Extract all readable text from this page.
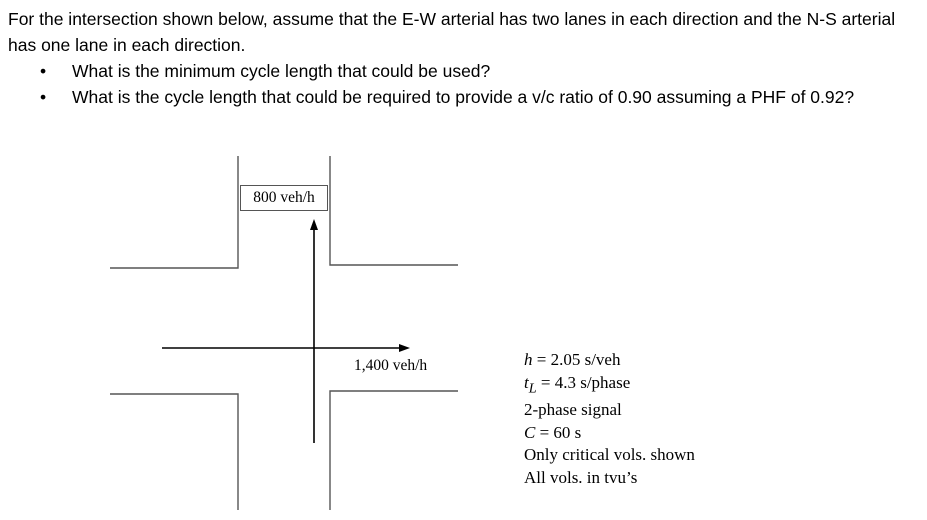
For the intersection shown below, assume that the E-W arterial has two lanes in each direction and the N-S arterial has one lane in each direction.

• What is the minimum cycle length that could be used?
• What is the cycle length that could be required to provide a v/c ratio of 0.90 assuming a PHF of 0.92?
800 veh/h
1,400 veh/h	h = 2.05 s/veh
$t_L = 4.3$ s/phase
2-phase signal
C = 60 s
Only critical vols. shown
All vols. in tvu’s
